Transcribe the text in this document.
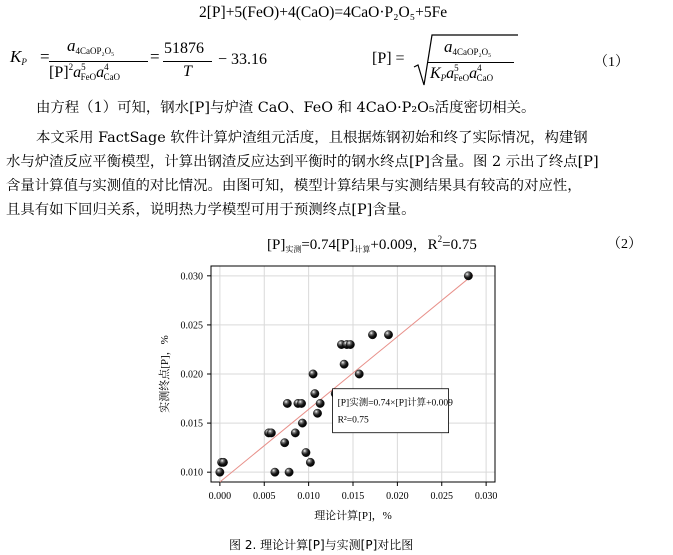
2[P]+5(FeO)+4(CaO)=4CaO·P₂O₅+5Fe
$K_P$ =
$a_{4CaOP_2O_5}$
$[P]^2a^5_{FeO}a^4_{CaO}$
= 51876
T
− 33.16	[P] =
$a_{4CaOP_2O_5}$
$K_Pa^5_{FeO}a^4_{CaO}$
（1）
由方程（1）可知，钢水[P]与炉渣 CaO、FeO 和 4CaO·P₂O₅活度密切相关。
本文采用 FactSage 软件计算炉渣组元活度，且根据炼钢初始和终了实际情况，构建钢
水与炉渣反应平衡模型，计算出钢渣反应达到平衡时的钢水终点[P]含量。图 2 示出了终点[P]
含量计算值与实测值的对比情况。由图可知，模型计算结果与实测结果具有较高的对应性，
且具有如下回归关系，说明热力学模型可用于预测终点[P]含量。
$[P]_{实测}=0.74[P]_{计算}+0.009$，$R^2=0.75$	（2）
0.000 0.005 0.010 0.015 0.020 0.025 0.030
0.010
0.015
0.020
0.025
0.030
理论计算[P]，%
实测终点[P]，%	[P]实测=0.74×[P]计算+0.009
R²=0.75
图 2. 理论计算[P]与实测[P]对比图
